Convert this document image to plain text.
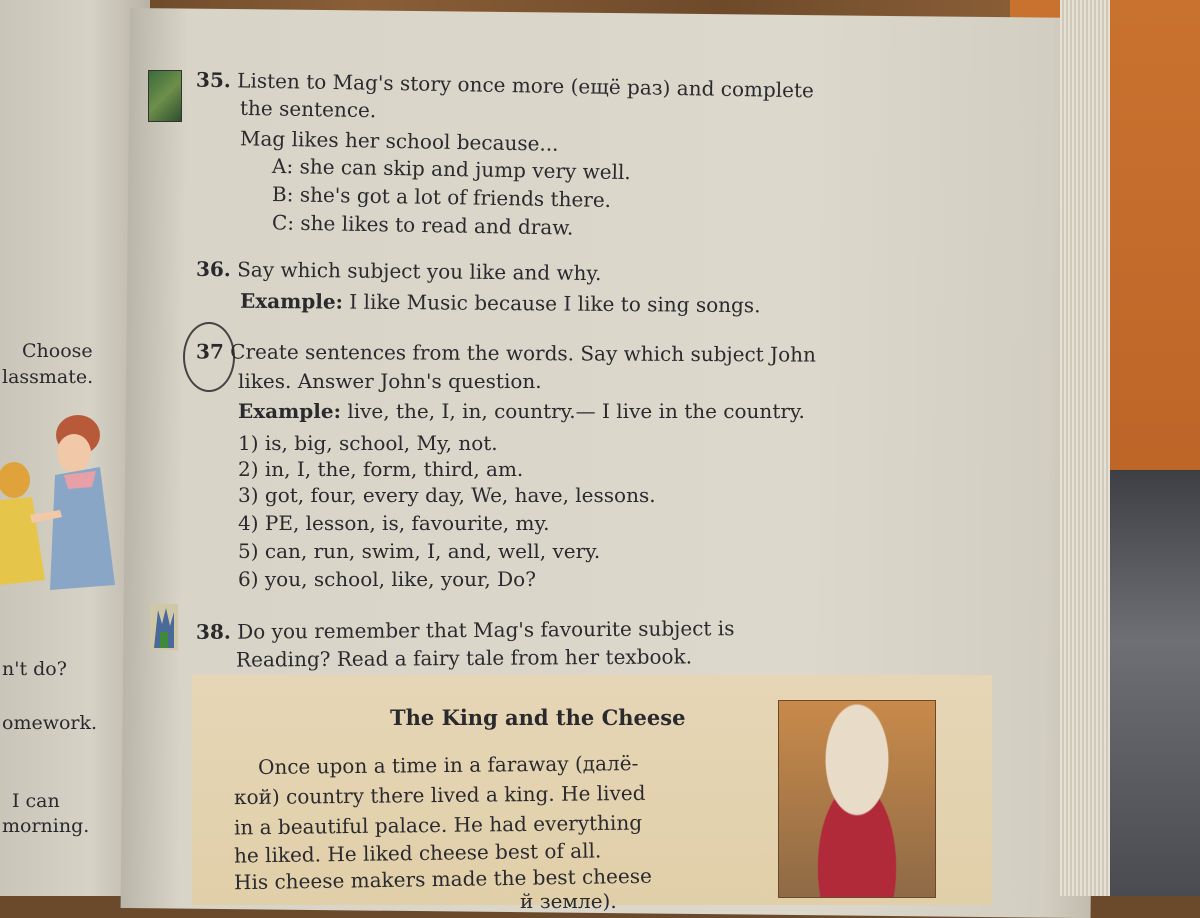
Choose
lassmate.
n't do?
omework.
I can
morning.
35. Listen to Mag's story once more (ещё раз) and complete
the sentence.
Mag likes her school because...
A: she can skip and jump very well.
B: she's got a lot of friends there.
C: she likes to read and draw.
36. Say which subject you like and why.
Example: I like Music because I like to sing songs.
37 Create sentences from the words. Say which subject John
likes. Answer John's question.
Example: live, the, I, in, country.— I live in the country.
1) is, big, school, My, not.
2) in, I, the, form, third, am.
3) got, four, every day, We, have, lessons.
4) PE, lesson, is, favourite, my.
5) can, run, swim, I, and, well, very.
6) you, school, like, your, Do?
38. Do you remember that Mag's favourite subject is
Reading? Read a fairy tale from her texbook.
The King and the Cheese
Once upon a time in a faraway (далё-
кой) country there lived a king. He lived
in a beautiful palace. He had everything
he liked. He liked cheese best of all.
His cheese makers made the best cheese
й земле).
